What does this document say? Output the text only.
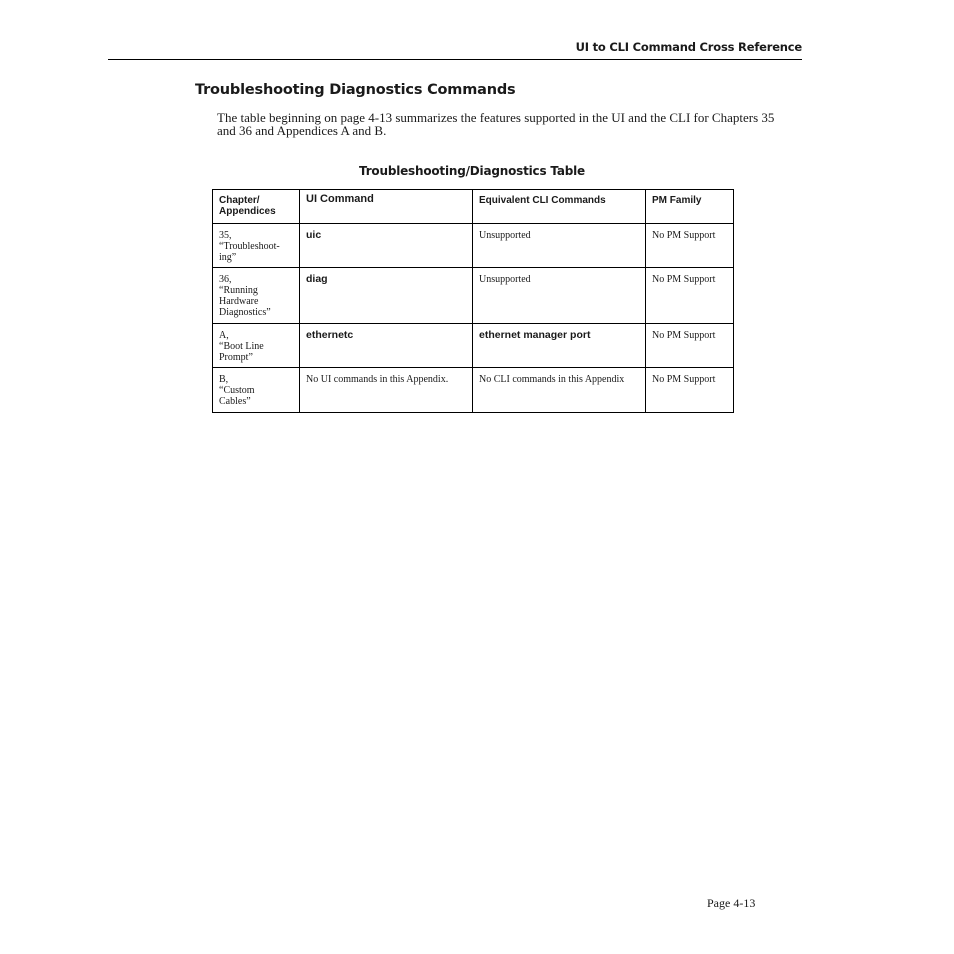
UI to CLI Command Cross Reference
Troubleshooting Diagnostics Commands

The table beginning on page 4-13 summarizes the features supported in the UI and the CLI for Chapters 35 and 36 and Appendices A and B.

Troubleshooting/Diagnostics Table
Chapter/ Appendices	UI Command	Equivalent CLI Commands	PM Family

35,
“Troubleshoot-
ing”	uic	Unsupported	No PM Support

36,
“Running
Hardware
Diagnostics”	diag	Unsupported	No PM Support

A,
“Boot Line
Prompt”	ethernetc	ethernet manager port	No PM Support

B,
“Custom
Cables”	No UI commands in this Appendix.	No CLI commands in this Appendix	No PM Support
Page 4-13
